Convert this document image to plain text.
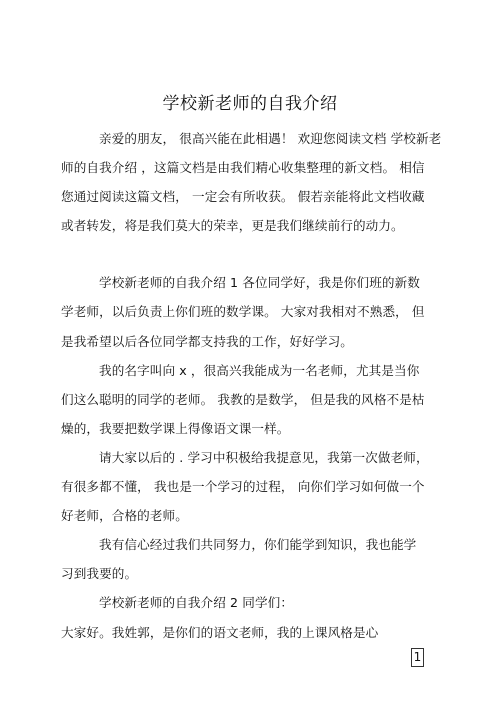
学校新老师的自我介绍
亲爱的朋友， 很高兴能在此相遇！ 欢迎您阅读文档 学校新老
师的自我介绍 ，这篇文档是由我们精心收集整理的新文档。 相信
您通过阅读这篇文档， 一定会有所收获。 假若亲能将此文档收藏
或者转发，将是我们莫大的荣幸，更是我们继续前行的动力。
学校新老师的自我介绍 1 各位同学好，我是你们班的新数
学老师，以后负责上你们班的数学课。 大家对我相对不熟悉， 但
是我希望以后各位同学都支持我的工作，好好学习。
我的名字叫向 x ，很高兴我能成为一名老师，尤其是当你
们这么聪明的同学的老师。 我教的是数学， 但是我的风格不是枯
燥的，我要把数学课上得像语文课一样。
请大家以后的 . 学习中积极给我提意见，我第一次做老师，
有很多都不懂， 我也是一个学习的过程， 向你们学习如何做一个
好老师，合格的老师。
我有信心经过我们共同努力，你们能学到知识，我也能学
习到我要的。
学校新老师的自我介绍 2 同学们：
大家好。我姓郭，是你们的语文老师，我的上课风格是心
1
